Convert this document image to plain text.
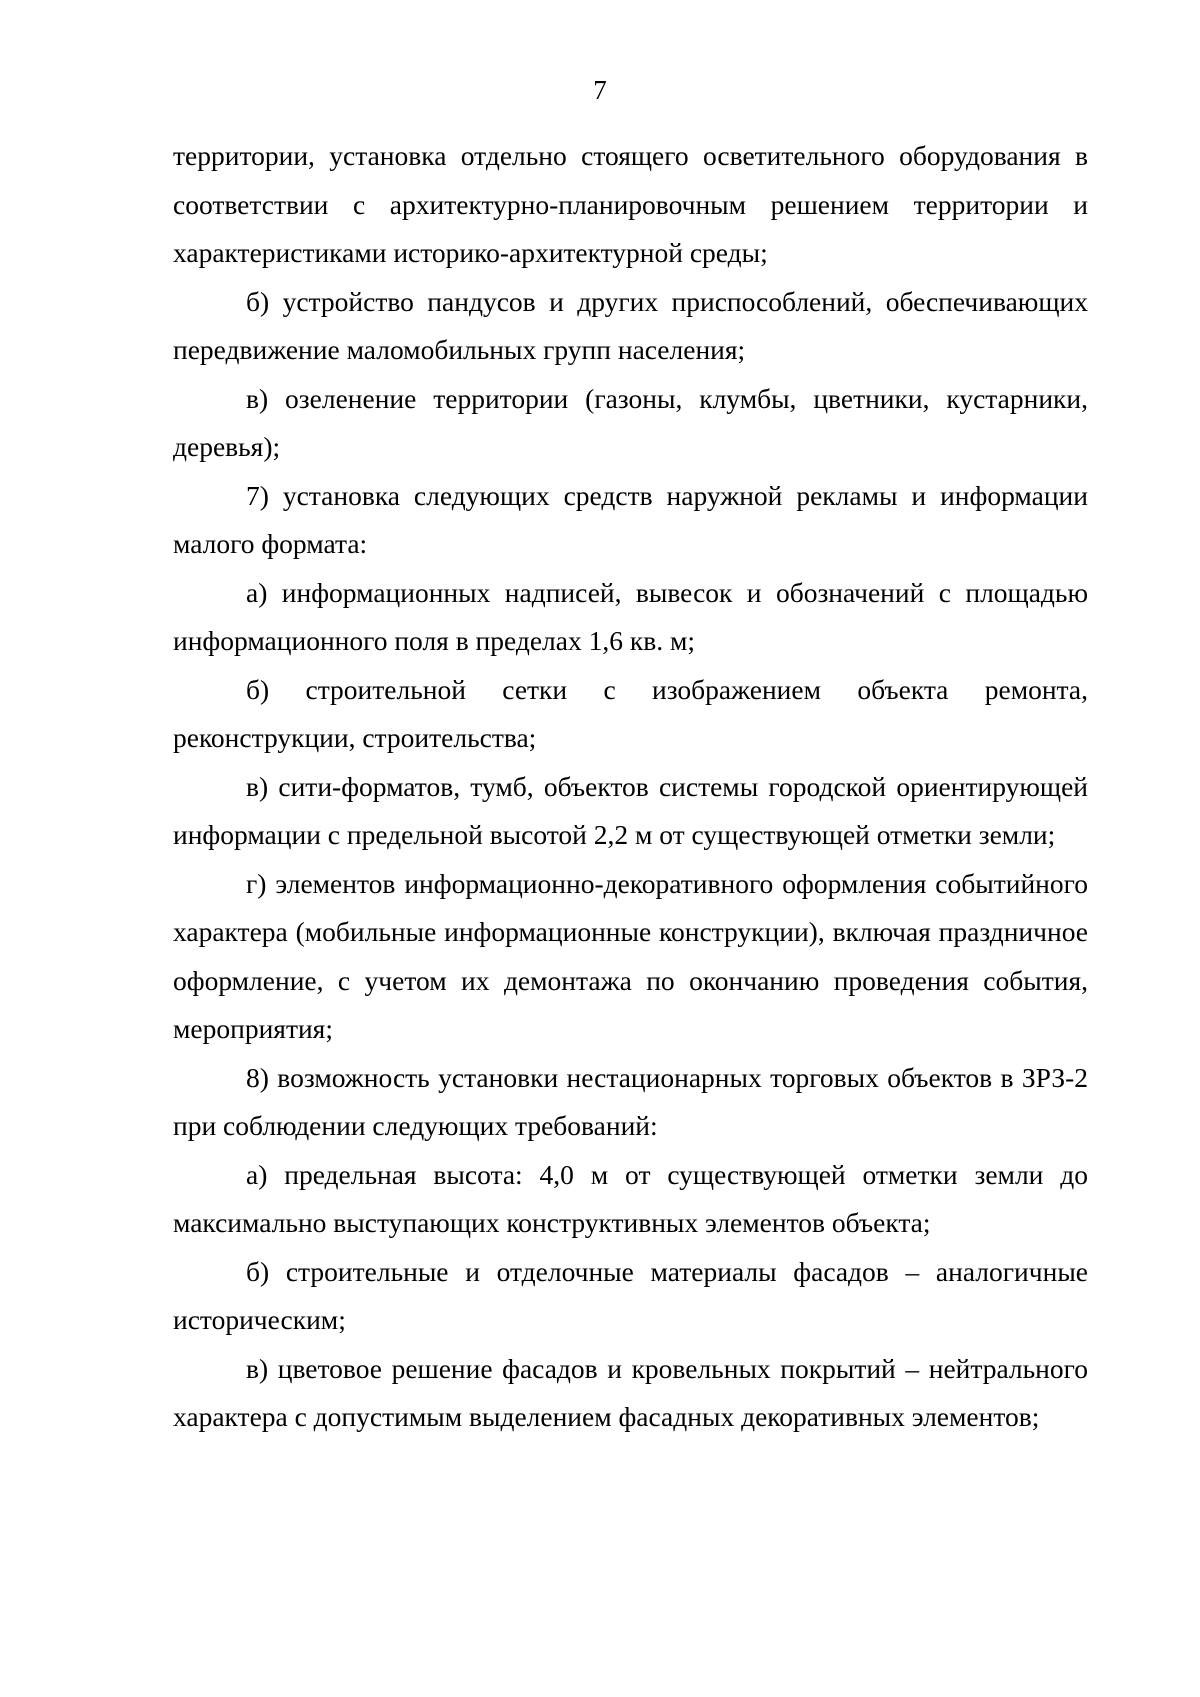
7

территории, установка отдельно стоящего осветительного оборудования в соответствии с архитектурно-планировочным решением территории и характеристиками историко-архитектурной среды;

б) устройство пандусов и других приспособлений, обеспечивающих передвижение маломобильных групп населения;

в) озеленение территории (газоны, клумбы, цветники, кустарники, деревья);

7) установка следующих средств наружной рекламы и информации малого формата:

а) информационных надписей, вывесок и обозначений с площадью информационного поля в пределах 1,6 кв. м;

б) строительной сетки с изображением объекта ремонта, реконструкции, строительства;

в) сити-форматов, тумб, объектов системы городской ориентирующей информации с предельной высотой 2,2 м от существующей отметки земли;

г) элементов информационно-декоративного оформления событийного характера (мобильные информационные конструкции), включая праздничное оформление, с учетом их демонтажа по окончанию проведения события, мероприятия;

8) возможность установки нестационарных торговых объектов в ЗРЗ-2 при соблюдении следующих требований:

а) предельная высота: 4,0 м от существующей отметки земли до максимально выступающих конструктивных элементов объекта;

б) строительные и отделочные материалы фасадов – аналогичные историческим;

в) цветовое решение фасадов и кровельных покрытий – нейтрального характера с допустимым выделением фасадных декоративных элементов;
